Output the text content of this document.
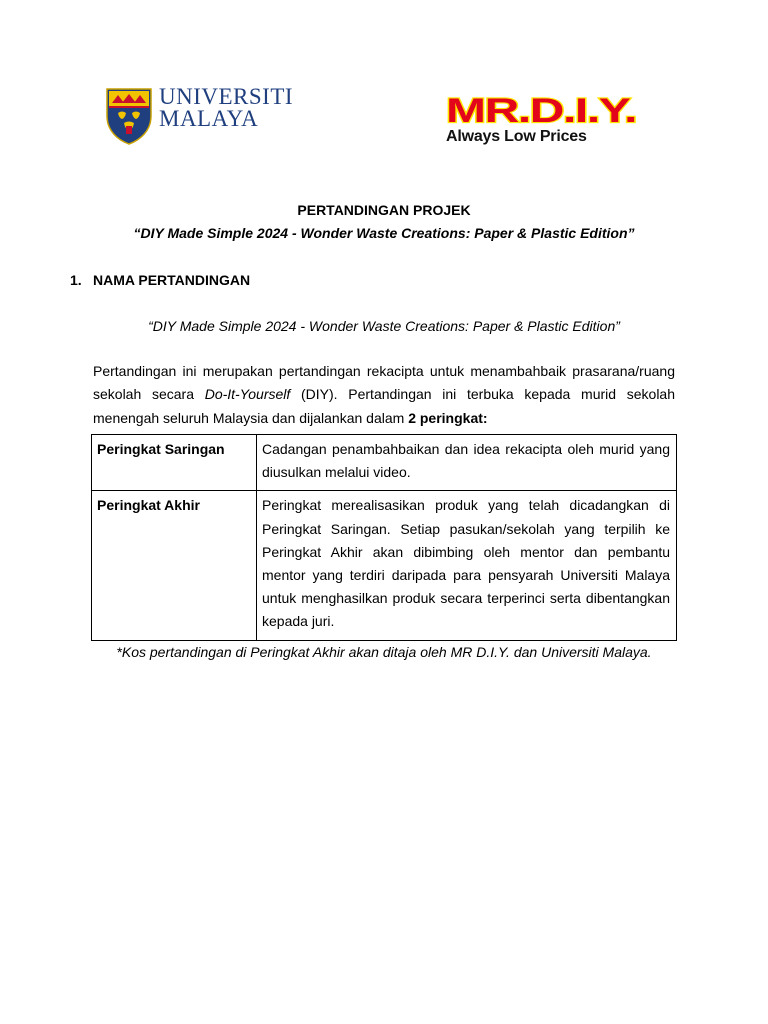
UNIVERSITI
MALAYA	MR.D.I.Y.
Always Low Prices
PERTANDINGAN PROJEK
“DIY Made Simple 2024 - Wonder Waste Creations: Paper & Plastic Edition”
1. NAMA PERTANDINGAN
“DIY Made Simple 2024 - Wonder Waste Creations: Paper & Plastic Edition”
Pertandingan ini merupakan pertandingan rekacipta untuk menambahbaik prasarana/ruang sekolah secara Do-It-Yourself (DIY). Pertandingan ini terbuka kepada murid sekolah menengah seluruh Malaysia dan dijalankan dalam 2 peringkat:
Peringkat Saringan	Cadangan penambahbaikan dan idea rekacipta oleh murid yang diusulkan melalui video.
Peringkat Akhir	Peringkat merealisasikan produk yang telah dicadangkan di Peringkat Saringan. Setiap pasukan/sekolah yang terpilih ke Peringkat Akhir akan dibimbing oleh mentor dan pembantu mentor yang terdiri daripada para pensyarah Universiti Malaya untuk menghasilkan produk secara terperinci serta dibentangkan kepada juri.
*Kos pertandingan di Peringkat Akhir akan ditaja oleh MR D.I.Y. dan Universiti Malaya.
